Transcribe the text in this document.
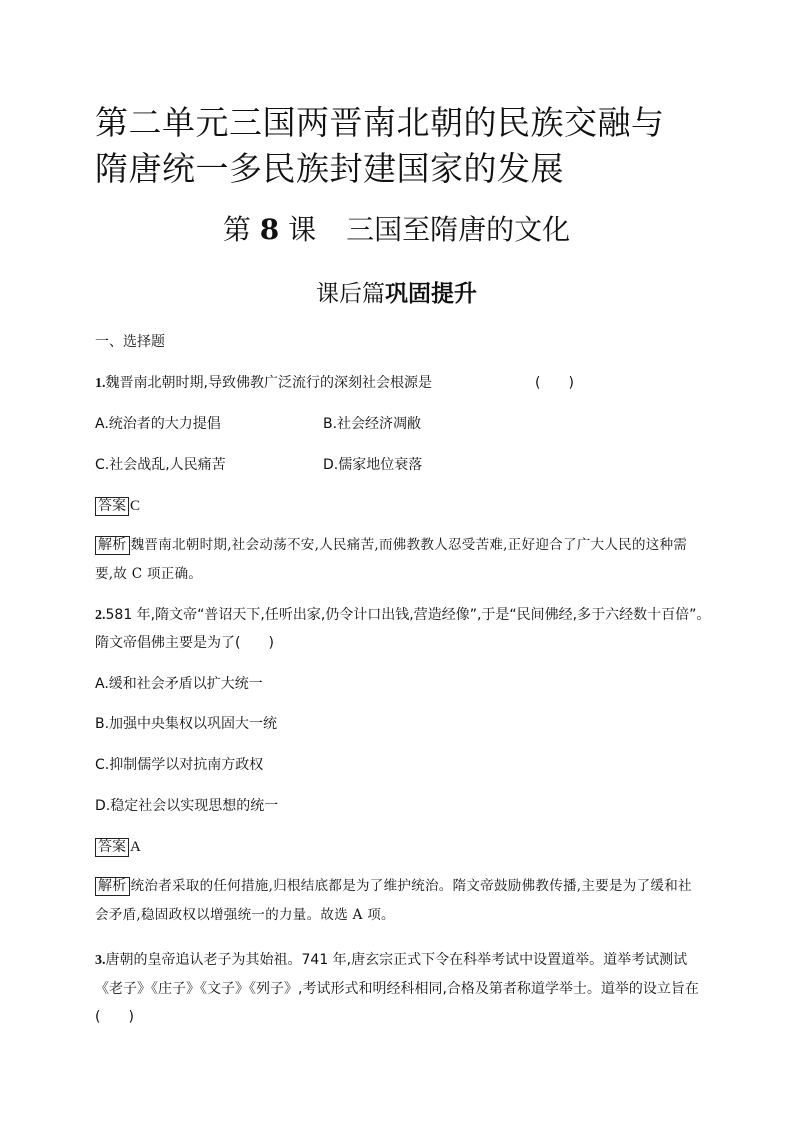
第二单元三国两晋南北朝的民族交融与
隋唐统一多民族封建国家的发展
第 8 课 三国至隋唐的文化
课后篇巩固提升
一、选择题
1.魏晋南北朝时期,导致佛教广泛流行的深刻社会根源是	(　　)
A.统治者的大力提倡	B.社会经济凋敝
C.社会战乱,人民痛苦	D.儒家地位衰落
答案 C
解析 魏晋南北朝时期,社会动荡不安,人民痛苦,而佛教教人忍受苦难,正好迎合了广大人民的这种需要,故 C 项正确。
2.581 年,隋文帝“普诏天下,任听出家,仍令计口出钱,营造经像”,于是“民间佛经,多于六经数十百倍”。
隋文帝倡佛主要是为了(　　)
A.缓和社会矛盾以扩大统一
B.加强中央集权以巩固大一统
C.抑制儒学以对抗南方政权
D.稳定社会以实现思想的统一
答案 A
解析 统治者采取的任何措施,归根结底都是为了维护统治。隋文帝鼓励佛教传播,主要是为了缓和社会矛盾,稳固政权以增强统一的力量。故选 A 项。
3.唐朝的皇帝追认老子为其始祖。741 年,唐玄宗正式下令在科举考试中设置道举。道举考试测试《老子》《庄子》《文子》《列子》,考试形式和明经科相同,合格及第者称道学举士。道举的设立旨在(　　)
